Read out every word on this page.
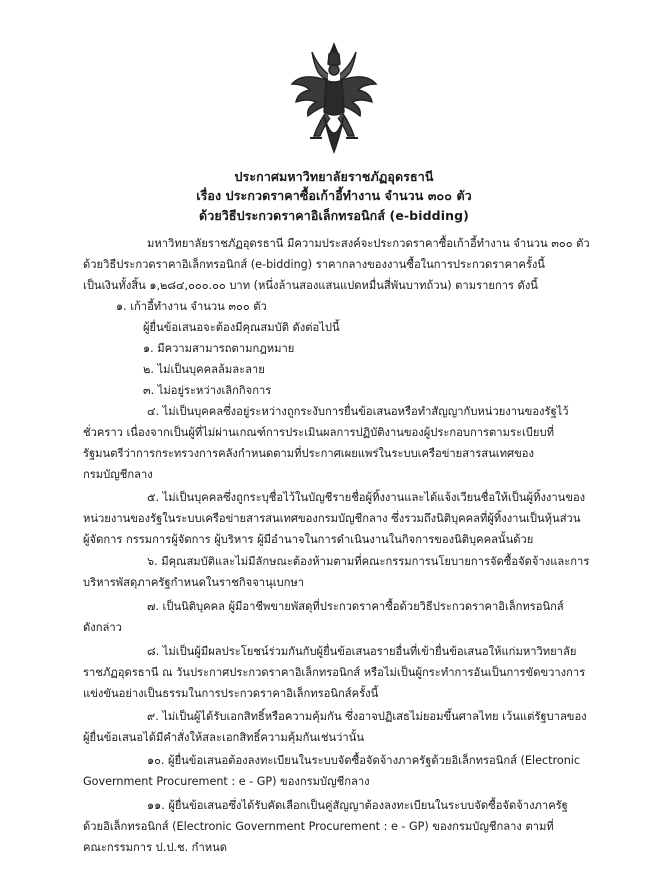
ประกาศมหาวิทยาลัยราชภัฏอุดรธานี
เรื่อง ประกวดราคาซื้อเก้าอี้ทำงาน จำนวน ๓๐๐ ตัว
ด้วยวิธีประกวดราคาอิเล็กทรอนิกส์ (e-bidding)
มหาวิทยาลัยราชภัฏอุดรธานี มีความประสงค์จะประกวดราคาซื้อเก้าอี้ทำงาน จำนวน ๓๐๐ ตัว
ด้วยวิธีประกวดราคาอิเล็กทรอนิกส์ (e-bidding) ราคากลางของงานซื้อในการประกวดราคาครั้งนี้
เป็นเงินทั้งสิ้น ๑,๒๘๔,๐๐๐.๐๐ บาท (หนึ่งล้านสองแสนแปดหมื่นสี่พันบาทถ้วน) ตามรายการ ดังนี้
๑. เก้าอี้ทำงาน จำนวน ๓๐๐ ตัว
ผู้ยื่นข้อเสนอจะต้องมีคุณสมบัติ ดังต่อไปนี้
๑. มีความสามารถตามกฎหมาย
๒. ไม่เป็นบุคคลล้มละลาย
๓. ไม่อยู่ระหว่างเลิกกิจการ
๔. ไม่เป็นบุคคลซึ่งอยู่ระหว่างถูกระงับการยื่นข้อเสนอหรือทำสัญญากับหน่วยงานของรัฐไว้
ชั่วคราว เนื่องจากเป็นผู้ที่ไม่ผ่านเกณฑ์การประเมินผลการปฏิบัติงานของผู้ประกอบการตามระเบียบที่
รัฐมนตรีว่าการกระทรวงการคลังกำหนดตามที่ประกาศเผยแพร่ในระบบเครือข่ายสารสนเทศของ
กรมบัญชีกลาง
๕. ไม่เป็นบุคคลซึ่งถูกระบุชื่อไว้ในบัญชีรายชื่อผู้ทิ้งงานและได้แจ้งเวียนชื่อให้เป็นผู้ทิ้งงานของ
หน่วยงานของรัฐในระบบเครือข่ายสารสนเทศของกรมบัญชีกลาง ซึ่งรวมถึงนิติบุคคลที่ผู้ทิ้งงานเป็นหุ้นส่วน
ผู้จัดการ กรรมการผู้จัดการ ผู้บริหาร ผู้มีอำนาจในการดำเนินงานในกิจการของนิติบุคคลนั้นด้วย
๖. มีคุณสมบัติและไม่มีลักษณะต้องห้ามตามที่คณะกรรมการนโยบายการจัดซื้อจัดจ้างและการ
บริหารพัสดุภาครัฐกำหนดในราชกิจจานุเบกษา
๗. เป็นนิติบุคคล ผู้มีอาชีพขายพัสดุที่ประกวดราคาซื้อด้วยวิธีประกวดราคาอิเล็กทรอนิกส์
ดังกล่าว
๘. ไม่เป็นผู้มีผลประโยชน์ร่วมกันกับผู้ยื่นข้อเสนอรายอื่นที่เข้ายื่นข้อเสนอให้แก่มหาวิทยาลัย
ราชภัฏอุดรธานี ณ วันประกาศประกวดราคาอิเล็กทรอนิกส์ หรือไม่เป็นผู้กระทำการอันเป็นการขัดขวางการ
แข่งขันอย่างเป็นธรรมในการประกวดราคาอิเล็กทรอนิกส์ครั้งนี้
๙. ไม่เป็นผู้ได้รับเอกสิทธิ์หรือความคุ้มกัน ซึ่งอาจปฏิเสธไม่ยอมขึ้นศาลไทย เว้นแต่รัฐบาลของ
ผู้ยื่นข้อเสนอได้มีคำสั่งให้สละเอกสิทธิ์ความคุ้มกันเช่นว่านั้น
๑๐. ผู้ยื่นข้อเสนอต้องลงทะเบียนในระบบจัดซื้อจัดจ้างภาครัฐด้วยอิเล็กทรอนิกส์ (Electronic
Government Procurement : e - GP) ของกรมบัญชีกลาง
๑๑. ผู้ยื่นข้อเสนอซึ่งได้รับคัดเลือกเป็นคู่สัญญาต้องลงทะเบียนในระบบจัดซื้อจัดจ้างภาครัฐ
ด้วยอิเล็กทรอนิกส์ (Electronic Government Procurement : e - GP) ของกรมบัญชีกลาง ตามที่
คณะกรรมการ ป.ป.ช. กำหนด
